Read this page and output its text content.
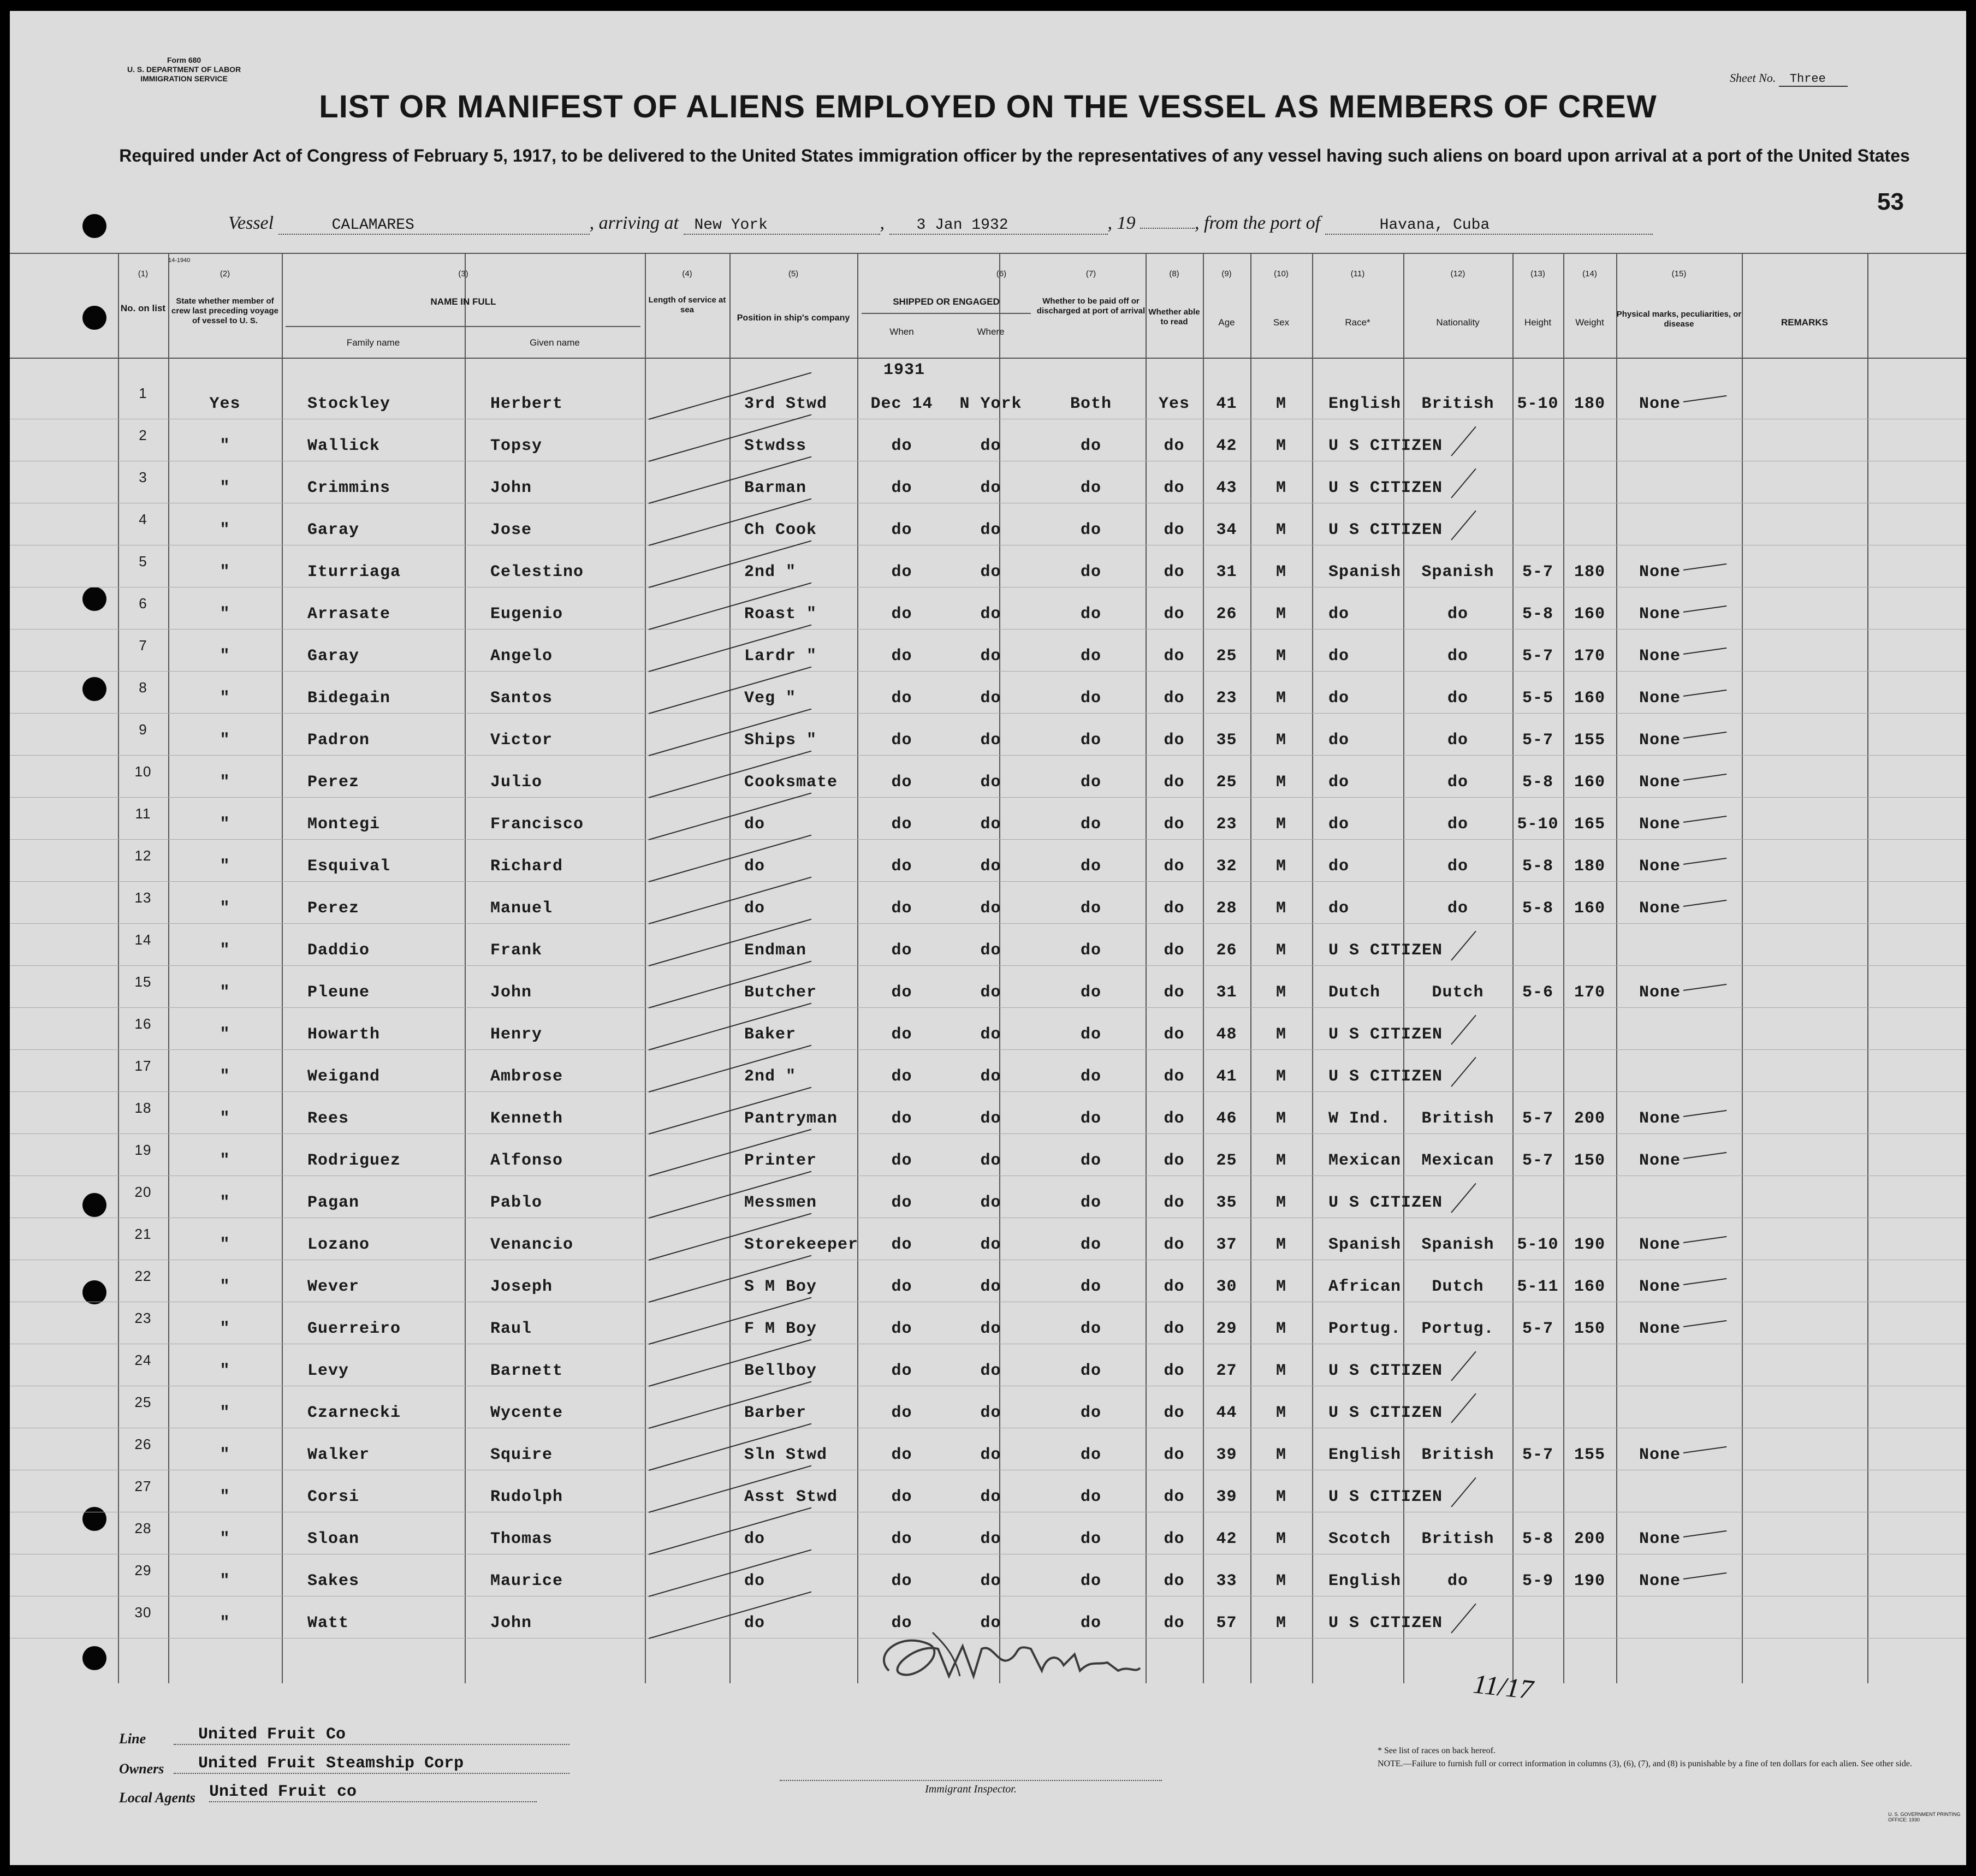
Form 680
U. S. DEPARTMENT OF LABOR
IMMIGRATION SERVICE	Sheet No. Three
LIST OR MANIFEST OF ALIENS EMPLOYED ON THE VESSEL AS MEMBERS OF CREW
Required under Act of Congress of February 5, 1917, to be delivered to the United States immigration officer by the representatives of any vessel having such aliens on board upon arrival at a port of the United States
53
Vessel	CALAMARES	, arriving at New York	, 3 Jan 1932	, 19	, from the port of	Havana, Cuba
(1)	(2)	(3)	(4)	(5)	(6)	(7)	(8)	(9)	(10)	(11)	(12)	(13)	(14)	(15)
No. on list
State whether member of crew last preceding voyage of vessel to U. S.
NAME IN FULL
Family name	Given name
Length of service at sea
Position in ship's company
SHIPPED OR ENGAGED
When	Where
Whether to be paid off or discharged at port of arrival Whether able to read	Age	Sex	Race*	Nationality	Height	Weight
Physical marks, peculiarities, or disease	REMARKS
14-1940
1931
1
Yes	Stockley	Herbert	3rd Stwd	Dec 14	N York	Both	Yes	41	M	English	British	5-10 180	None
2
"	Wallick	Topsy	Stwdss	do	do	do	do	42	M	U S CITIZEN
3
"	Crimmins	John	Barman	do	do	do	do	43	M	U S CITIZEN
4
"	Garay	Jose	Ch Cook	do	do	do	do	34	M	U S CITIZEN
5
"	Iturriaga	Celestino	2nd "	do	do	do	do	31	M	Spanish	Spanish	5-7	180	None
6
"	Arrasate	Eugenio	Roast "	do	do	do	do	26	M	do	do	5-8	160	None
7
"	Garay	Angelo	Lardr "	do	do	do	do	25	M	do	do	5-7	170	None
8
"	Bidegain	Santos	Veg "	do	do	do	do	23	M	do	do	5-5	160	None
9
"	Padron	Victor	Ships "	do	do	do	do	35	M	do	do	5-7	155	None
10
"	Perez	Julio	Cooksmate	do	do	do	do	25	M	do	do	5-8	160	None
11
"	Montegi	Francisco	do	do	do	do	do	23	M	do	do	5-10 165	None
12
"	Esquival	Richard	do	do	do	do	do	32	M	do	do	5-8	180	None
13
"	Perez	Manuel	do	do	do	do	do	28	M	do	do	5-8	160	None
14
"	Daddio	Frank	Endman	do	do	do	do	26	M	U S CITIZEN
15
"	Pleune	John	Butcher	do	do	do	do	31	M	Dutch	Dutch	5-6	170	None
16
"	Howarth	Henry	Baker	do	do	do	do	48	M	U S CITIZEN
17
"	Weigand	Ambrose	2nd "	do	do	do	do	41	M	U S CITIZEN
18
"	Rees	Kenneth	Pantryman	do	do	do	do	46	M	W Ind.	British	5-7	200	None
19
"	Rodriguez	Alfonso	Printer	do	do	do	do	25	M	Mexican	Mexican	5-7	150	None
20
"	Pagan	Pablo	Messmen	do	do	do	do	35	M	U S CITIZEN
21
"	Lozano	Venancio	Storekeeper	do	do	do	do	37	M	Spanish	Spanish	5-10 190	None
22
"	Wever	Joseph	S M Boy	do	do	do	do	30	M	African	Dutch	5-11 160	None
23
"	Guerreiro	Raul	F M Boy	do	do	do	do	29	M	Portug.	Portug.	5-7	150	None
24
"	Levy	Barnett	Bellboy	do	do	do	do	27	M	U S CITIZEN
25
"	Czarnecki	Wycente	Barber	do	do	do	do	44	M	U S CITIZEN
26
"	Walker	Squire	Sln Stwd	do	do	do	do	39	M	English	British	5-7	155	None
27
"	Corsi	Rudolph	Asst Stwd	do	do	do	do	39	M	U S CITIZEN
28
"	Sloan	Thomas	do	do	do	do	do	42	M	Scotch	British	5-8	200	None
29
"	Sakes	Maurice	do	do	do	do	do	33	M	English	do	5-9	190	None
30
"	Watt	John	do	do	do	do	do	57	M	U S CITIZEN
Line	United Fruit Co
Owners	United Fruit Steamship Corp
Local Agents United Fruit co	Immigrant Inspector.
11/17
* See list of races on back hereof.
NOTE.—Failure to furnish full or correct information in columns (3), (6), (7), and (8) is punishable by a fine of ten dollars for each alien. See other side.
U. S. GOVERNMENT PRINTING OFFICE: 1930
